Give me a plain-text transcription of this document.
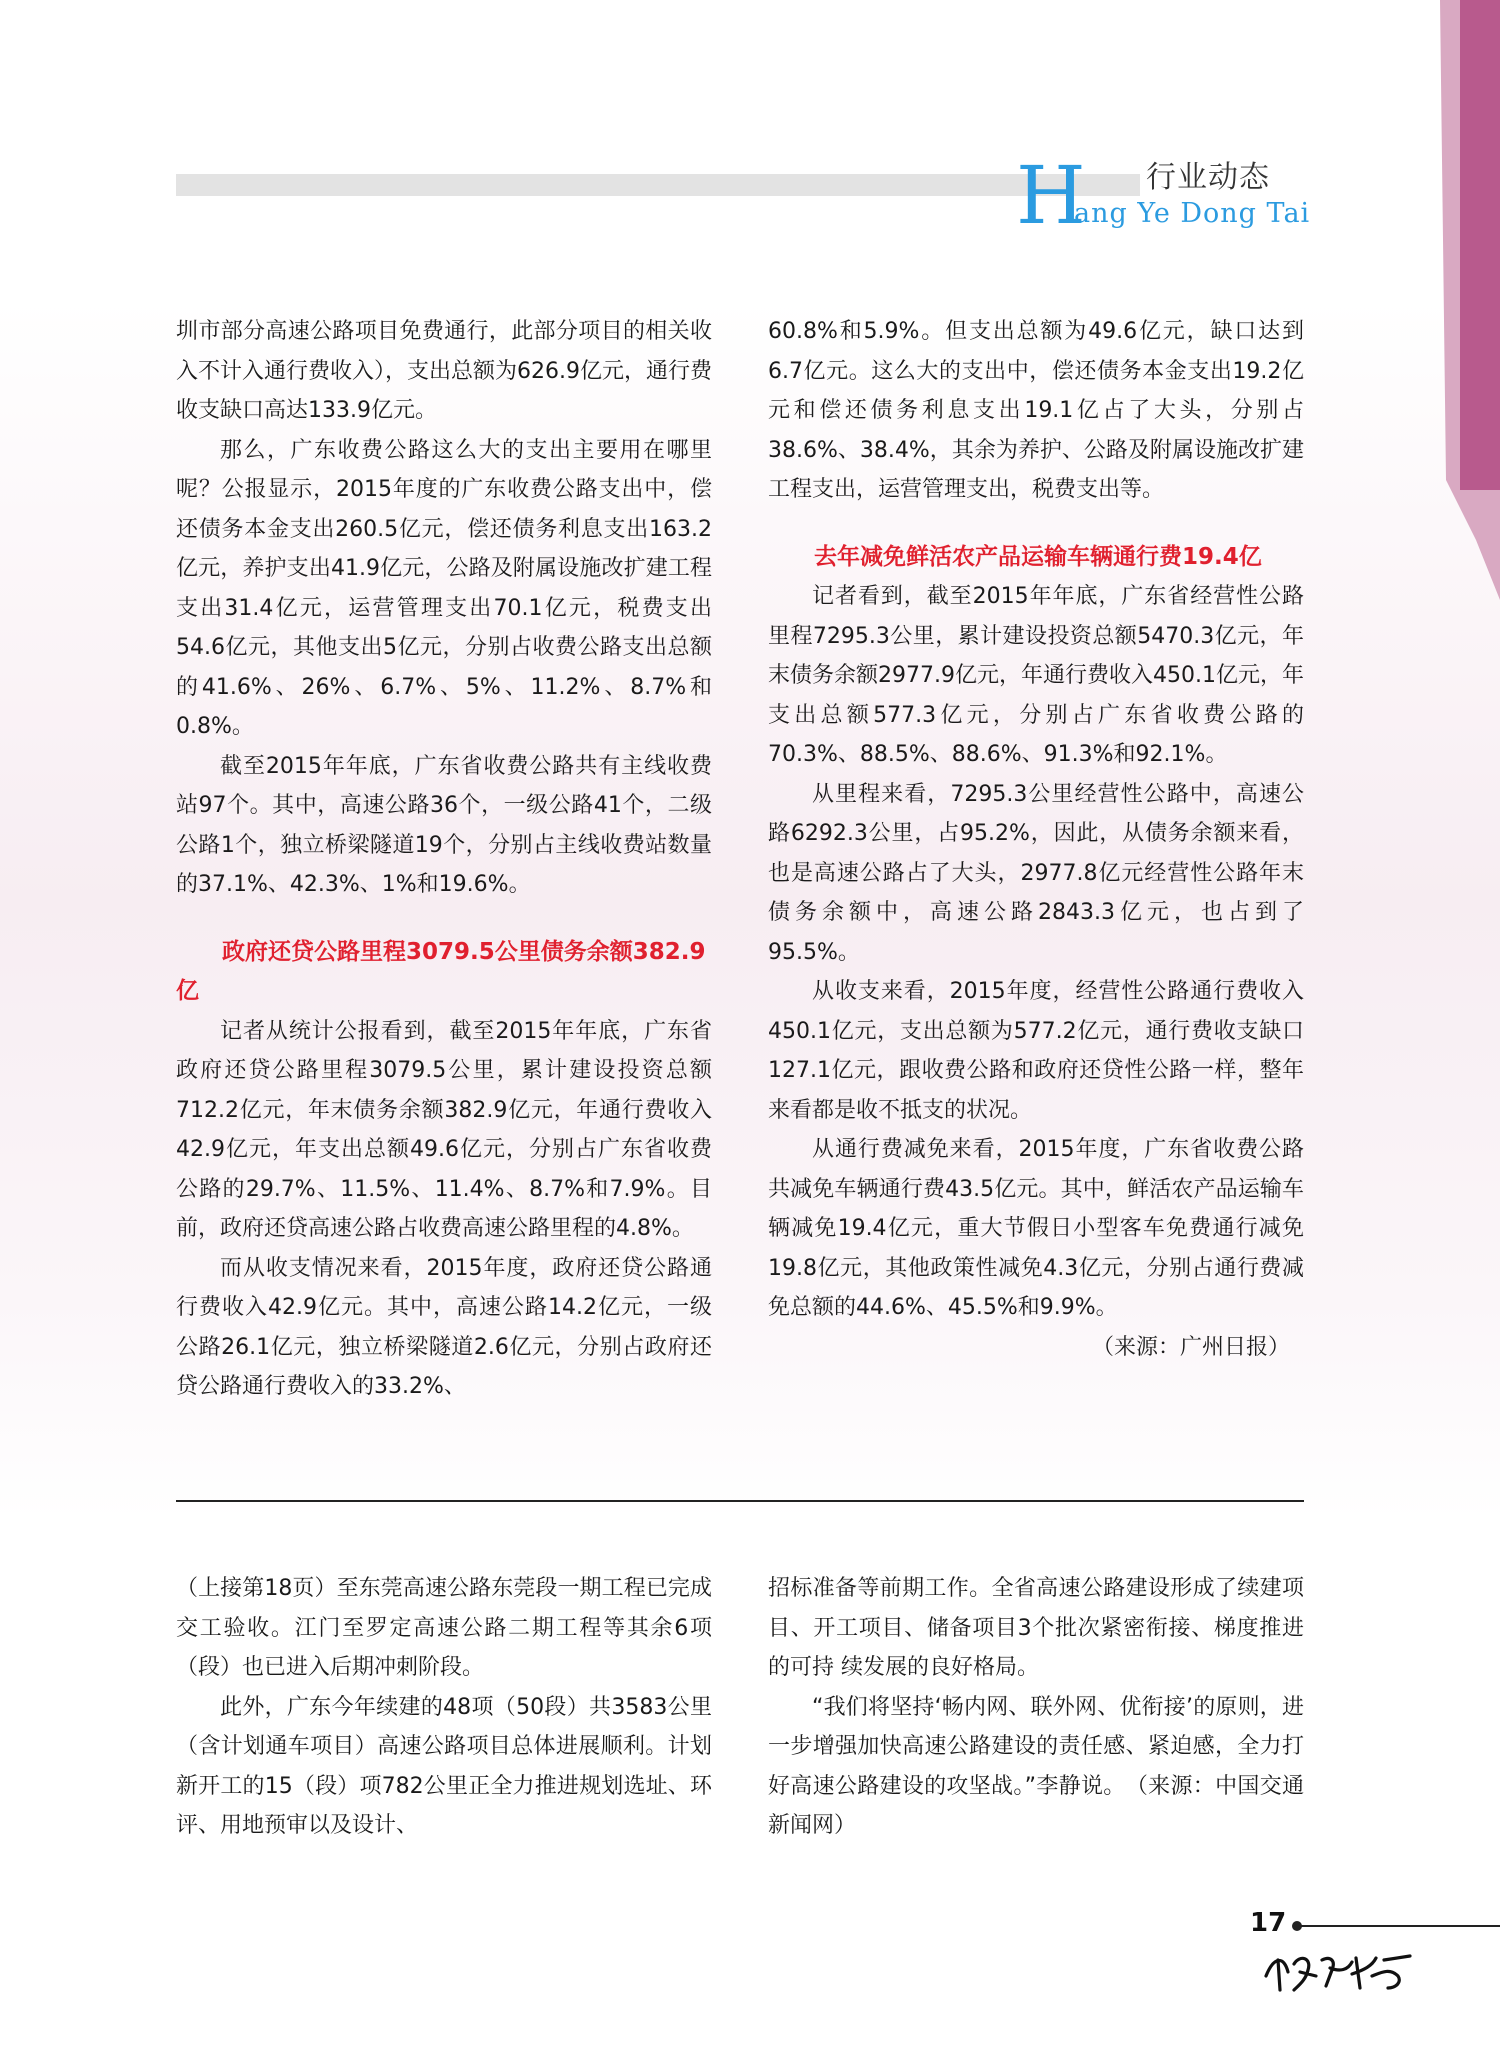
H 行业动态
ang Ye Dong Tai

圳市部分高速公路项目免费通行，此部分项目的相关收入不计入通行费收入），支出总额为626.9亿元，通行费收支缺口高达133.9亿元。

那么，广东收费公路这么大的支出主要用在哪里呢？公报显示，2015年度的广东收费公路支出中，偿还债务本金支出260.5亿元，偿还债务利息支出163.2亿元，养护支出41.9亿元，公路及附属设施改扩建工程支出31.4亿元，运营管理支出70.1亿元，税费支出54.6亿元，其他支出5亿元，分别占收费公路支出总额的41.6%、26%、6.7%、5%、11.2%、8.7%和0.8%。

截至2015年年底，广东省收费公路共有主线收费站97个。其中，高速公路36个，一级公路41个，二级公路1个，独立桥梁隧道19个，分别占主线收费站数量的37.1%、42.3%、1%和19.6%。

政府还贷公路里程3079.5公里债务余额382.9亿

记者从统计公报看到，截至2015年年底，广东省政府还贷公路里程3079.5公里，累计建设投资总额712.2亿元，年末债务余额382.9亿元，年通行费收入42.9亿元，年支出总额49.6亿元，分别占广东省收费公路的29.7%、11.5%、11.4%、8.7%和7.9%。目前，政府还贷高速公路占收费高速公路里程的4.8%。

而从收支情况来看，2015年度，政府还贷公路通行费收入42.9亿元。其中，高速公路14.2亿元，一级公路26.1亿元，独立桥梁隧道2.6亿元，分别占政府还贷公路通行费收入的33.2%、

60.8%和5.9%。但支出总额为49.6亿元，缺口达到6.7亿元。这么大的支出中，偿还债务本金支出19.2亿元和偿还债务利息支出19.1亿占了大头，分别占38.6%、38.4%，其余为养护、公路及附属设施改扩建工程支出，运营管理支出，税费支出等。

去年减免鲜活农产品运输车辆通行费19.4亿

记者看到，截至2015年年底，广东省经营性公路里程7295.3公里，累计建设投资总额5470.3亿元，年末债务余额2977.9亿元，年通行费收入450.1亿元，年支出总额577.3亿元，分别占广东省收费公路的70.3%、88.5%、88.6%、91.3%和92.1%。

从里程来看，7295.3公里经营性公路中，高速公路6292.3公里，占95.2%，因此，从债务余额来看，也是高速公路占了大头，2977.8亿元经营性公路年末债务余额中，高速公路2843.3亿元，也占到了95.5%。

从收支来看，2015年度，经营性公路通行费收入450.1亿元，支出总额为577.2亿元，通行费收支缺口127.1亿元，跟收费公路和政府还贷性公路一样，整年来看都是收不抵支的状况。

从通行费减免来看，2015年度，广东省收费公路共减免车辆通行费43.5亿元。其中，鲜活农产品运输车辆减免19.4亿元，重大节假日小型客车免费通行减免19.8亿元，其他政策性减免4.3亿元，分别占通行费减免总额的44.6%、45.5%和9.9%。

（来源：广州日报）

（上接第18页）至东莞高速公路东莞段一期工程已完成交工验收。江门至罗定高速公路二期工程等其余6项（段）也已进入后期冲刺阶段。

此外，广东今年续建的48项（50段）共3583公里（含计划通车项目）高速公路项目总体进展顺利。计划新开工的15（段）项782公里正全力推进规划选址、环评、用地预审以及设计、

招标准备等前期工作。全省高速公路建设形成了续建项目、开工项目、储备项目3个批次紧密衔接、梯度推进的可持 续发展的良好格局。

“我们将坚持‘畅内网、联外网、优衔接’的原则，进一步增强加快高速公路建设的责任感、紧迫感，全力打好高速公路建设的攻坚战。”李静说。　（来源：中国交通新闻网）

17
